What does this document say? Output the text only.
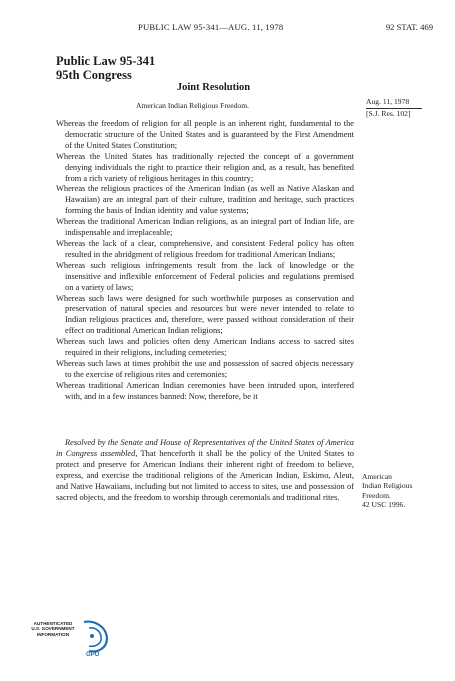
PUBLIC LAW 95-341—AUG. 11, 1978	92 STAT. 469
Public Law 95-341
95th Congress
Joint Resolution
American Indian Religious Freedom.	Aug. 11, 1978
[S.J. Res. 102]

Whereas the freedom of religion for all people is an inherent right, fundamental to the democratic structure of the United States and is guaranteed by the First Amendment of the United States Constitution;

Whereas the United States has traditionally rejected the concept of a government denying individuals the right to practice their religion and, as a result, has benefited from a rich variety of religious heritages in this country;

Whereas the religious practices of the American Indian (as well as Native Alaskan and Hawaiian) are an integral part of their culture, tradition and heritage, such practices forming the basis of Indian identity and value systems;

Whereas the traditional American Indian religions, as an integral part of Indian life, are indispensable and irreplaceable;

Whereas the lack of a clear, comprehensive, and consistent Federal policy has often resulted in the abridgment of religious freedom for traditional American Indians;

Whereas such religious infringements result from the lack of knowledge or the insensitive and inflexible enforcement of Federal policies and regulations premised on a variety of laws;

Whereas such laws were designed for such worthwhile purposes as conservation and preservation of natural species and resources but were never intended to relate to Indian religious practices and, therefore, were passed without consideration of their effect on traditional American Indian religions;

Whereas such laws and policies often deny American Indians access to sacred sites required in their religions, including cemeteries;

Whereas such laws at times prohibit the use and possession of sacred objects necessary to the exercise of religious rites and ceremonies;

Whereas traditional American Indian ceremonies have been intruded upon, interfered with, and in a few instances banned: Now, therefore, be it

Resolved by the Senate and House of Representatives of the United States of America in Congress assembled, That henceforth it shall be the policy of the United States to protect and preserve for American Indians their inherent right of freedom to believe, express, and exercise the traditional religions of the American Indian, Eskimo, Aleut, and Native Hawaiians, including but not limited to access to sites, use and possession of sacred objects, and the freedom to worship through ceremonials and traditional rites.

American
Indian Religious
Freedom.
42 USC 1996.
AUTHENTICATED
U.S. GOVERNMENT
INFORMATION
GPO
